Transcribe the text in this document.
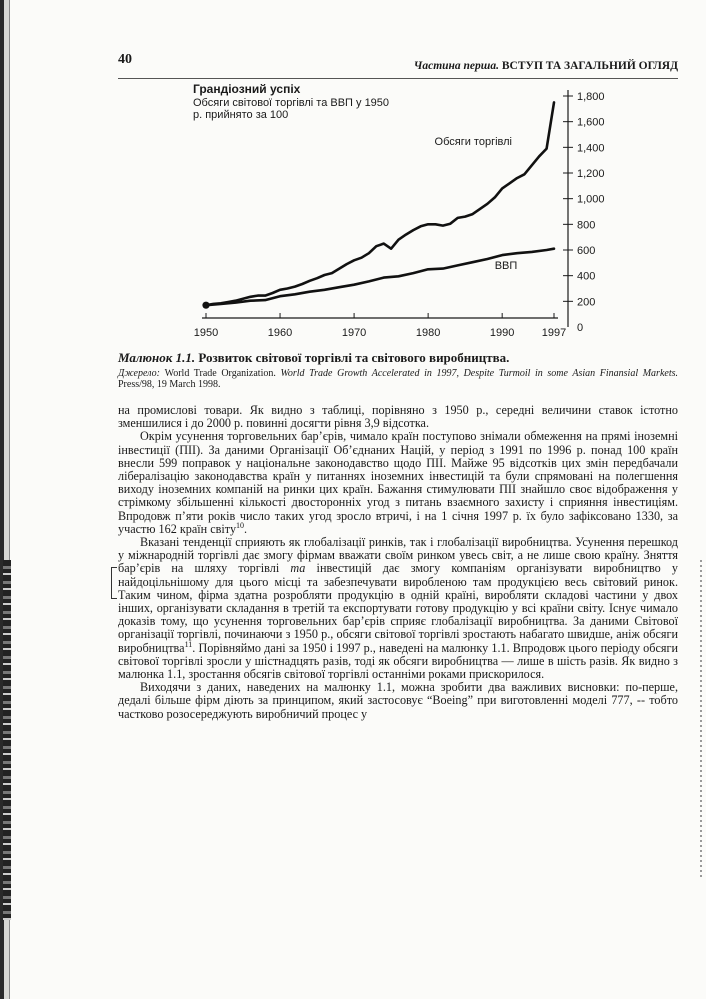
40	Частина перша. ВСТУП ТА ЗАГАЛЬНИЙ ОГЛЯД
1950	1960	1970	1980	1990 1997
200
400
600
800
1,000
1,200
1,400
1,600
1,800
0
Обсяги торгівлі
ВВП
Грандіозний успіх
Обсяги світової торгівлі та ВВП у 1950 р. прийнято за 100
Малюнок 1.1. Розвиток світової торгівлі та світового виробництва.
Джерело: World Trade Organization. World Trade Growth Accelerated in 1997, Despite Turmoil in some Asian Finansial Markets. Press/98, 19 March 1998.

на промислові товари. Як видно з таблиці, порівняно з 1950 р., середні величини ставок істотно зменшилися і до 2000 р. повинні досягти рівня 3,9 відсотка.

Окрім усунення торговельних бар’єрів, чимало країн поступово знімали обмеження на прямі іноземні інвестиції (ПІІ). За даними Організації Об’єднаних Націй, у період з 1991 по 1996 р. понад 100 країн внесли 599 поправок у національне законодавство щодо ПІІ. Майже 95 відсотків цих змін передбачали лібералізацію законодавства країн у питаннях іноземних інвестицій та були спрямовані на полегшення виходу іноземних компаній на ринки цих країн. Бажання стимулювати ПІІ знайшло своє відображення у стрімкому збільшенні кількості двосторонніх угод з питань взаємного захисту і сприяння інвестиціям. Впродовж п’яти років число таких угод зросло втричі, і на 1 січня 1997 р. їх було зафіксовано 1330, за участю 162 країн світу$^{10}$.

Вказані тенденції сприяють як глобалізації ринків, так і глобалізації виробництва. Усунення перешкод у міжнародній торгівлі дає змогу фірмам вважати своїм ринком увесь світ, а не лише свою країну. Зняття бар’єрів на шляху торгівлі та інвестицій дає змогу компаніям організувати виробництво у найдоцільнішому для цього місці та забезпечувати виробленою там продукцією весь світовий ринок. Таким чином, фірма здатна розробляти продукцію в одній країні, виробляти складові частини у двох інших, організувати складання в третій та експортувати готову продукцію у всі країни світу. Існує чимало доказів тому, що усунення торговельних бар’єрів сприяє глобалізації виробництва. За даними Світової організації торгівлі, починаючи з 1950 р., обсяги світової торгівлі зростають набагато швидше, аніж обсяги виробництва$^{11}$. Порівняймо дані за 1950 і 1997 р., наведені на малюнку 1.1. Впродовж цього періоду обсяги світової торгівлі зросли у шістнадцять разів, тоді як обсяги виробництва — лише в шість разів. Як видно з малюнка 1.1, зростання обсягів світової торгівлі останніми роками прискорилося.

Виходячи з даних, наведених на малюнку 1.1, можна зробити два важливих висновки: по-перше, дедалі більше фірм діють за принципом, який застосовує “Boeing” при виготовленні моделі 777, -- тобто частково розосереджують виробничий процес у
